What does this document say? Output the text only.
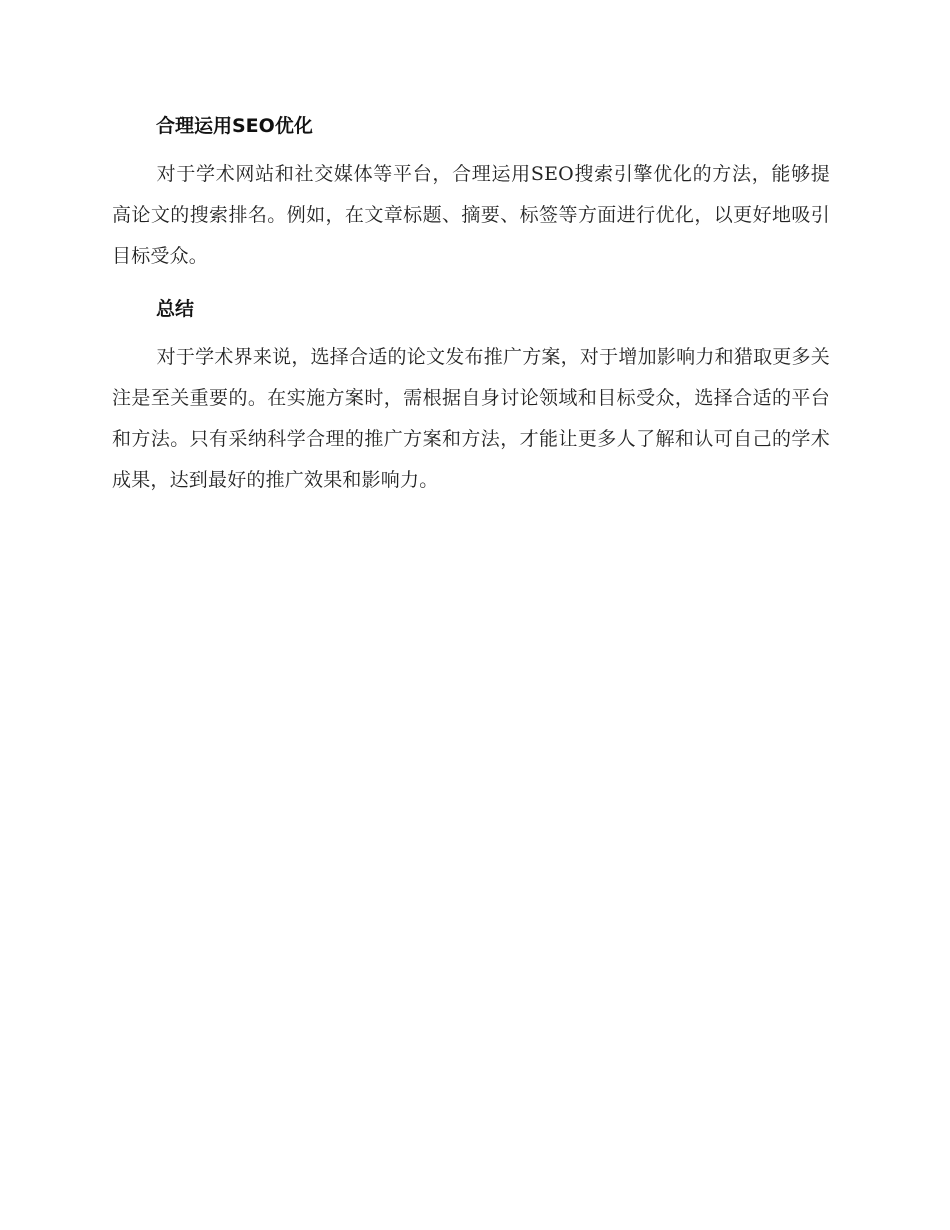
合理运用SEO优化

对于学术网站和社交媒体等平台，合理运用SEO搜索引擎优化的方法，能够提高论文的搜索排名。例如，在文章标题、摘要、标签等方面进行优化，以更好地吸引目标受众。

总结

对于学术界来说，选择合适的论文发布推广方案，对于增加影响力和猎取更多关注是至关重要的。在实施方案时，需根据自身讨论领域和目标受众，选择合适的平台和方法。只有采纳科学合理的推广方案和方法，才能让更多人了解和认可自己的学术成果，达到最好的推广效果和影响力。
